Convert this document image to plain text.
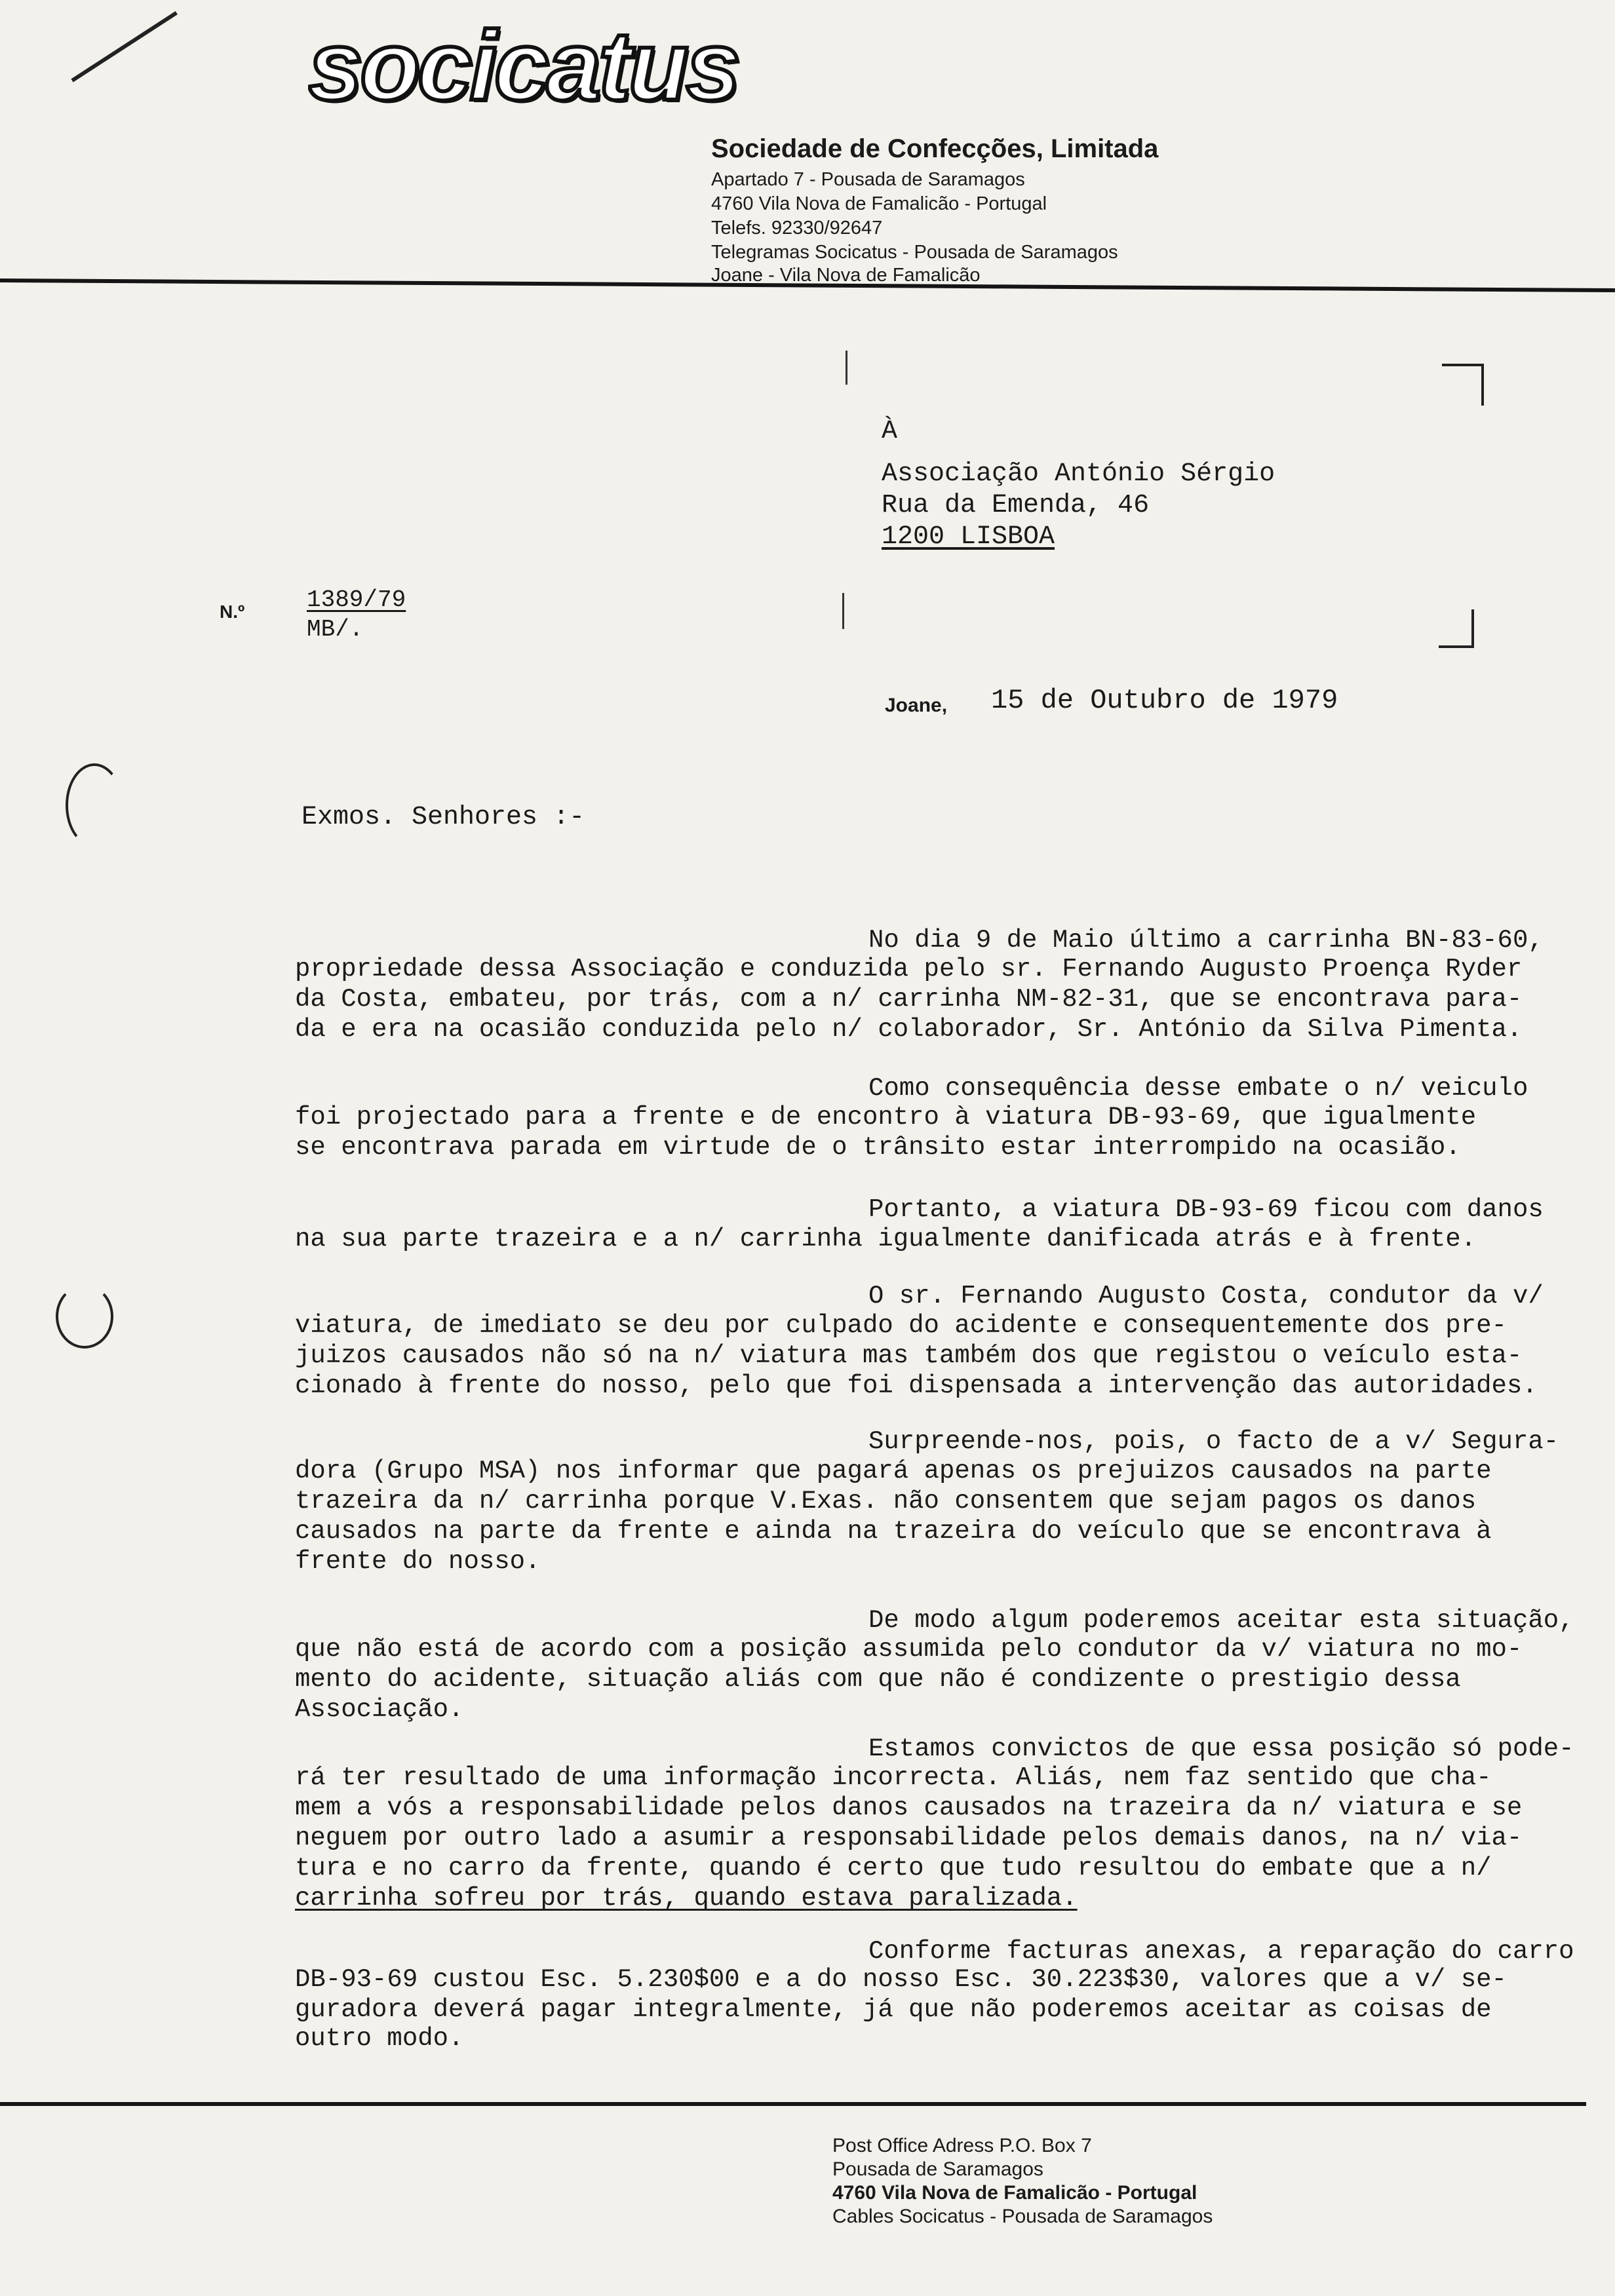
socicatus
Sociedade de Confecções, Limitada
Apartado 7 - Pousada de Saramagos
4760 Vila Nova de Famalicão - Portugal
Telefs. 92330/92647
Telegramas Socicatus - Pousada de Saramagos
Joane - Vila Nova de Famalicão
À
Associação António Sérgio
Rua da Emenda, 46
1200 LISBOA
N.º	1389/79
MB/.
Joane, 15 de Outubro de 1979
Exmos. Senhores :-
No dia 9 de Maio último a carrinha BN-83-60,
propriedade dessa Associação e conduzida pelo sr. Fernando Augusto Proença Ryder
da Costa, embateu, por trás, com a n/ carrinha NM-82-31, que se encontrava para-
da e era na ocasião conduzida pelo n/ colaborador, Sr. António da Silva Pimenta.
Como consequência desse embate o n/ veiculo
foi projectado para a frente e de encontro à viatura DB-93-69, que igualmente
se encontrava parada em virtude de o trânsito estar interrompido na ocasião.
Portanto, a viatura DB-93-69 ficou com danos
na sua parte trazeira e a n/ carrinha igualmente danificada atrás e à frente.
O sr. Fernando Augusto Costa, condutor da v/
viatura, de imediato se deu por culpado do acidente e consequentemente dos pre-
juizos causados não só na n/ viatura mas também dos que registou o veículo esta-
cionado à frente do nosso, pelo que foi dispensada a intervenção das autoridades.
Surpreende-nos, pois, o facto de a v/ Segura-
dora (Grupo MSA) nos informar que pagará apenas os prejuizos causados na parte
trazeira da n/ carrinha porque V.Exas. não consentem que sejam pagos os danos
causados na parte da frente e ainda na trazeira do veículo que se encontrava à
frente do nosso.
De modo algum poderemos aceitar esta situação,
que não está de acordo com a posição assumida pelo condutor da v/ viatura no mo-
mento do acidente, situação aliás com que não é condizente o prestigio dessa
Associação.
Estamos convictos de que essa posição só pode-
rá ter resultado de uma informação incorrecta. Aliás, nem faz sentido que cha-
mem a vós a responsabilidade pelos danos causados na trazeira da n/ viatura e se
neguem por outro lado a asumir a responsabilidade pelos demais danos, na n/ via-
tura e no carro da frente, quando é certo que tudo resultou do embate que a n/
carrinha sofreu por trás, quando estava paralizada.
Conforme facturas anexas, a reparação do carro
DB-93-69 custou Esc. 5.230$00 e a do nosso Esc. 30.223$30, valores que a v/ se-
guradora deverá pagar integralmente, já que não poderemos aceitar as coisas de
outro modo.
Post Office Adress P.O. Box 7
Pousada de Saramagos
4760 Vila Nova de Famalicão - Portugal
Cables Socicatus - Pousada de Saramagos
